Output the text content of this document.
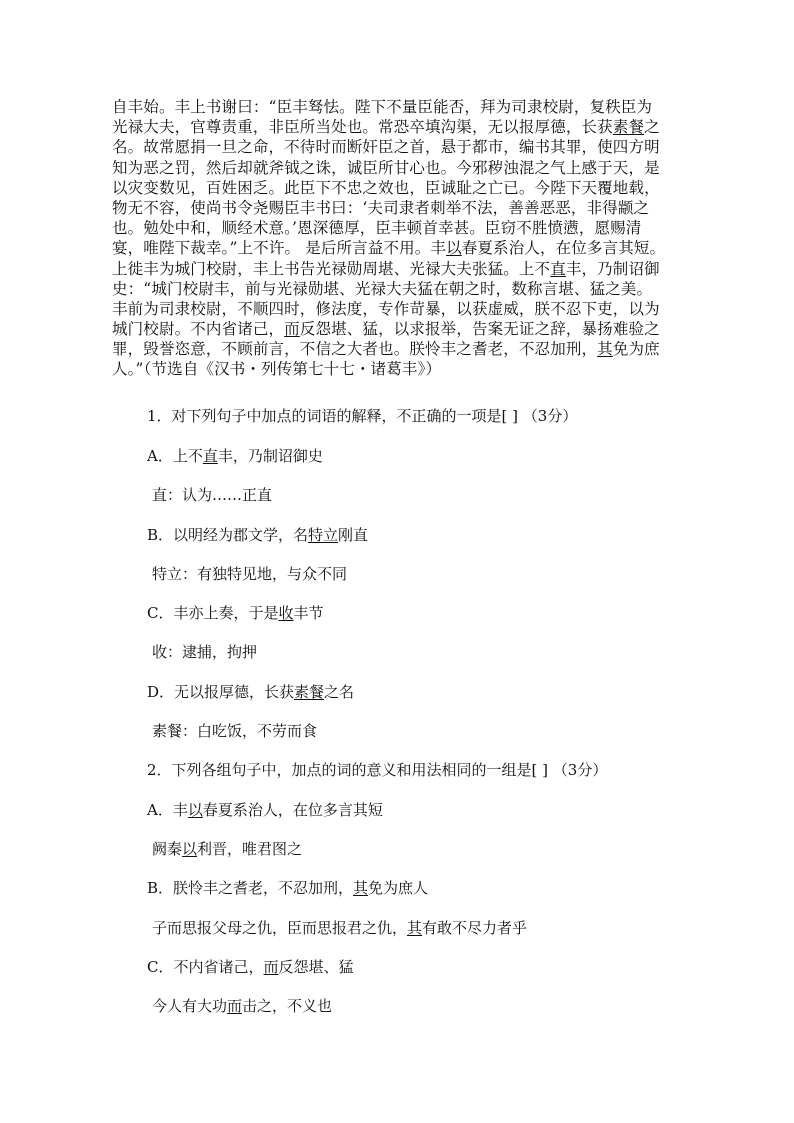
自丰始。丰上书谢曰：“臣丰驽怯。陛下不量臣能否，拜为司隶校尉，复秩臣为
光禄大夫，官尊责重，非臣所当处也。常恐卒填沟渠，无以报厚德，长获素餐之
名。故常愿捐一旦之命，不待时而断奸臣之首，悬于都市，编书其罪，使四方明
知为恶之罚，然后却就斧钺之诛，诚臣所甘心也。今邪秽浊混之气上感于天，是
以灾变数见，百姓困乏。此臣下不忠之效也，臣诚耻之亡已。今陛下天覆地载，
物无不容，使尚书令尧赐臣丰书曰：‘夫司隶者刺举不法，善善恶恶，非得颛之
也。勉处中和，顺经术意。’恩深德厚，臣丰顿首幸甚。臣窃不胜愤懑，愿赐清
宴，唯陛下裁幸。”上不许。 是后所言益不用。丰以春夏系治人，在位多言其短。
上徙丰为城门校尉，丰上书告光禄勋周堪、光禄大夫张猛。上不直丰，乃制诏御
史：“城门校尉丰，前与光禄勋堪、光禄大夫猛在朝之时，数称言堪、猛之美。
丰前为司隶校尉，不顺四时，修法度，专作苛暴，以获虚威，朕不忍下吏，以为
城门校尉。不内省诸己，而反怨堪、猛，以求报举，告案无证之辞，暴扬难验之
罪，毁誉恣意，不顾前言，不信之大者也。朕怜丰之耆老，不忍加刑，其免为庶
人。”（节选自《汉书・列传第七十七・诸葛丰》）
1．对下列句子中加点的词语的解释，不正确的一项是[ ] （3分）
A．上不直丰，乃制诏御史
直：认为……正直
B．以明经为郡文学，名特立刚直
特立：有独特见地，与众不同
C．丰亦上奏，于是收丰节
收：逮捕，拘押
D．无以报厚德，长获素餐之名
素餐：白吃饭，不劳而食
2．下列各组句子中，加点的词的意义和用法相同的一组是[ ] （3分）
A．丰以春夏系治人，在位多言其短
阙秦以利晋，唯君图之
B．朕怜丰之耆老，不忍加刑，其免为庶人
子而思报父母之仇，臣而思报君之仇，其有敢不尽力者乎
C．不内省诸己，而反怨堪、猛
今人有大功而击之，不义也
